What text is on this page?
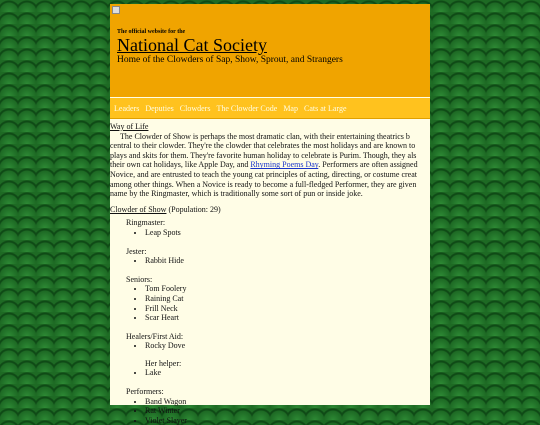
The official website for the
National Cat Society
Home of the Clowders of Sap, Show, Sprout, and Strangers
Leaders Deputies Clowders The Clowder Code Map Cats at Large
Way of Life

The Clowder of Show is perhaps the most dramatic clan, with their entertaining theatrics b

central to their clowder. They're the clowder that celebrates the most holidays and are known to

plays and skits for them. They're favorite human holiday to celebrate is Purim. Though, they als

their own cat holidays, like Apple Day, and Rhyming Poems Day. Performers are often assigned

Novice, and are entrusted to teach the young cat principles of acting, directing, or costume creat

among other things. When a Novice is ready to become a full-fledged Performer, they are given

name by the Ringmaster, which is traditionally some sort of pun or inside joke.

Clowder of Show (Population: 29)
Ringmaster:
• Leap Spots
Jester:
• Rabbit Hide
Seniors:
• Tom Foolery
• Raining Cat
• Frill Neck
• Scar Heart
Healers/First Aid:
• Rocky Dove
Her helper:
• Lake
Performers:
• Band Wagon
• Rat Winter
• Violet Slayer
